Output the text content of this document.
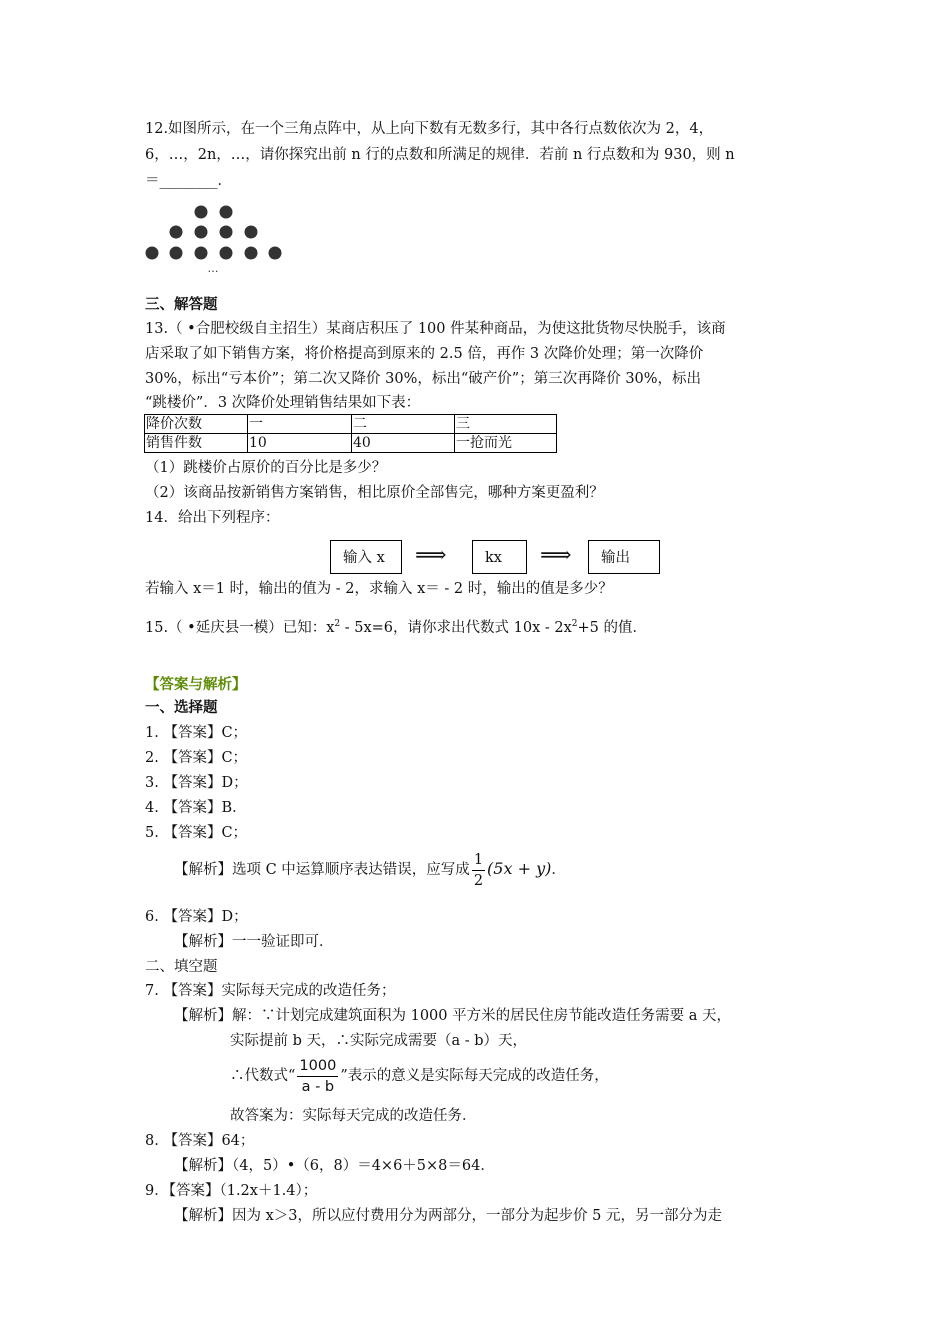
12.如图所示，在一个三角点阵中，从上向下数有无数多行，其中各行点数依次为 2，4，
6，…，2n，…，请你探究出前 n 行的点数和所满足的规律．若前 n 行点数和为 930，则 n
＝________．
…
三、解答题
13.（ •合肥校级自主招生）某商店积压了 100 件某种商品，为使这批货物尽快脱手，该商
店采取了如下销售方案，将价格提高到原来的 2.5 倍，再作 3 次降价处理；第一次降价
30%，标出“亏本价”；第二次又降价 30%，标出“破产价”；第三次再降价 30%，标出
“跳楼价”．3 次降价处理销售结果如下表：
降价次数	一	二	三
销售件数	10	40	一抢而光
（1）跳楼价占原价的百分比是多少？
（2）该商品按新销售方案销售，相比原价全部售完，哪种方案更盈利？
14．给出下列程序：
输入 x	⟹	kx	⟹	输出
若输入 x＝1 时，输出的值为 - 2，求输入 x＝ - 2 时，输出的值是多少？
15.（ •延庆县一模）已知：$x^2 - 5x=6$，请你求出代数式 $10x - 2x^2+5$ 的值．
【答案与解析】
一、选择题
1. 【答案】C；
2. 【答案】C；
3. 【答案】D；
4. 【答案】B．
5. 【答案】C；
【解析】选项 C 中运算顺序表达错误，应写成 $\frac{1}{2} (5x + y)$．
6. 【答案】D；
【解析】一一验证即可．
二、填空题
7. 【答案】实际每天完成的改造任务；
【解析】解：∵计划完成建筑面积为 1000 平方米的居民住房节能改造任务需要 a 天，
实际提前 b 天，∴实际完成需要（a - b）天，
∴代数式“ $\frac{1000}{a - b}$ ”表示的意义是实际每天完成的改造任务，
故答案为：实际每天完成的改造任务．
8. 【答案】64；
【解析】（4，5）•（6，8）＝4×6＋5×8＝64．
9．【答案】（1.2x＋1.4）；
【解析】因为 x＞3，所以应付费用分为两部分，一部分为起步价 5 元，另一部分为走
